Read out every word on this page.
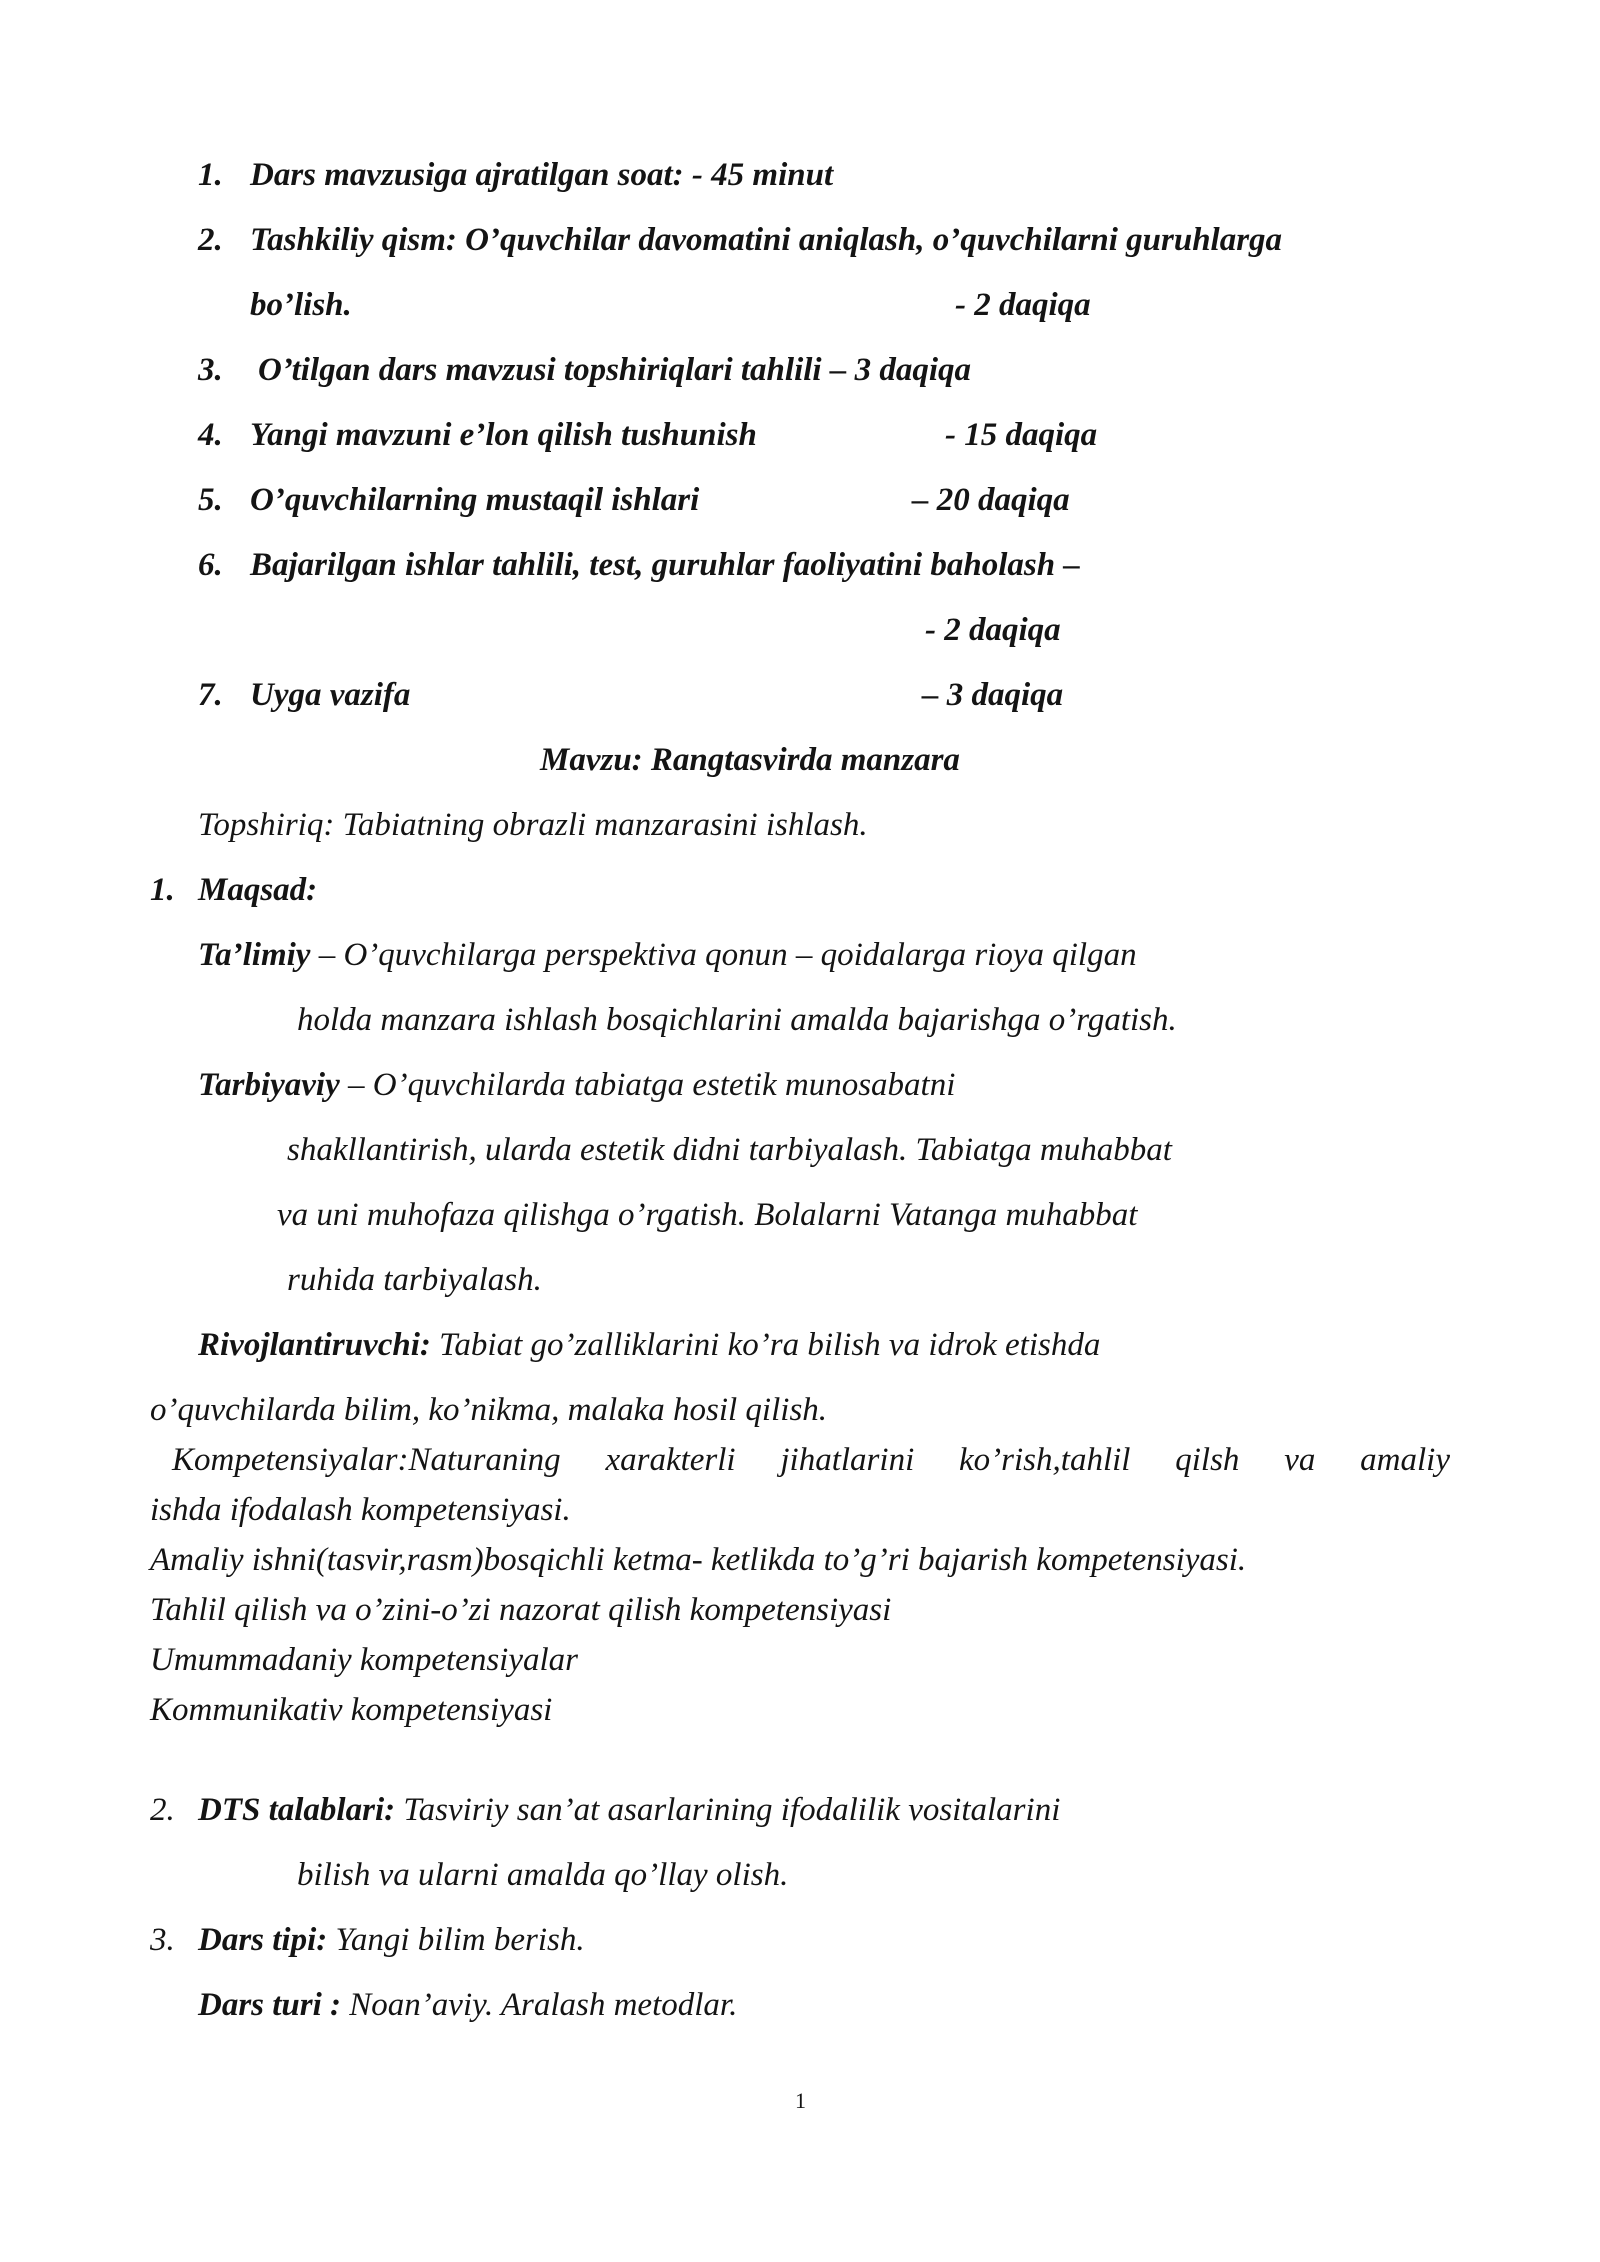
1. Dars mavzusiga ajratilgan soat: - 45 minut
2. Tashkiliy qism: O’quvchilar davomatini aniqlash, o’quvchilarni guruhlarga
bo’lish.	- 2 daqiqa
3. O’tilgan dars mavzusi topshiriqlari tahlili – 3 daqiqa
4. Yangi mavzuni e’lon qilish tushunish	- 15 daqiqa
5. O’quvchilarning mustaqil ishlari	– 20 daqiqa
6. Bajarilgan ishlar tahlili, test, guruhlar faoliyatini baholash –
- 2 daqiqa
7. Uyga vazifa	– 3 daqiqa
Mavzu: Rangtasvirda manzara
Topshiriq: Tabiatning obrazli manzarasini ishlash.
1. Maqsad:
Ta’limiy – O’quvchilarga perspektiva qonun – qoidalarga rioya qilgan
holda manzara ishlash bosqichlarini amalda bajarishga o’rgatish.
Tarbiyaviy – O’quvchilarda tabiatga estetik munosabatni
shakllantirish, ularda estetik didni tarbiyalash. Tabiatga muhabbat
va uni muhofaza qilishga o’rgatish. Bolalarni Vatanga muhabbat
ruhida tarbiyalash.
Rivojlantiruvchi: Tabiat go’zalliklarini ko’ra bilish va idrok etishda
o’quvchilarda bilim, ko’nikma, malaka hosil qilish.
Kompetensiyalar:Naturaning xarakterli jihatlarini ko’rish,tahlil qilsh va amaliy
ishda ifodalash kompetensiyasi.
Amaliy ishni(tasvir,rasm)bosqichli ketma- ketlikda to’g’ri bajarish kompetensiyasi.
Tahlil qilish va o’zini-o’zi nazorat qilish kompetensiyasi
Umummadaniy kompetensiyalar
Kommunikativ kompetensiyasi
2. DTS talablari: Tasviriy san’at asarlarining ifodalilik vositalarini
bilish va ularni amalda qo’llay olish.
3. Dars tipi: Yangi bilim berish.
Dars turi : Noan’aviy. Aralash metodlar.
1
